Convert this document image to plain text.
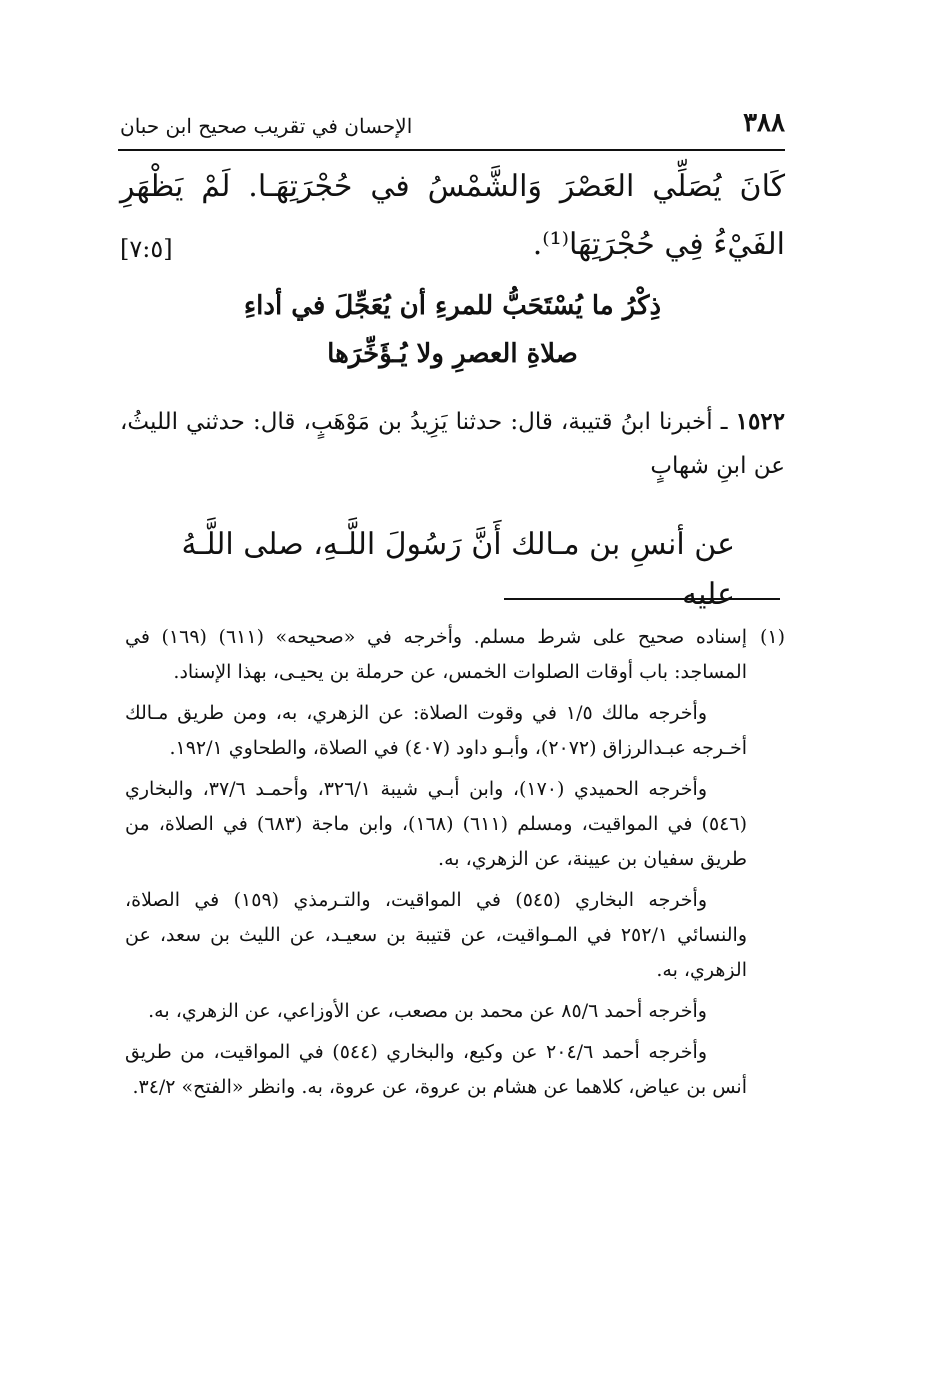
٣٨٨
الإحسان في تقريب صحيح ابن حبان
كَانَ يُصَلِّي العَصْرَ وَالشَّمْسُ في حُجْرَتِهَـا. لَمْ يَظْهَرِ الفَيْءُ فِي حُجْرَتِهَا⁽¹⁾.
[٧:٥]
ذِكْرُ ما يُسْتَحَبُّ للمرءِ أن يُعَجِّلَ في أداءِ
صلاةِ العصرِ ولا يُـؤَخِّرَها
١٥٢٢ ـ أخبرنا ابنُ قتيبة، قال: حدثنا يَزِيدُ بن مَوْهَبٍ، قال: حدثني الليثُ، عن ابنِ شهابٍ
عن أنسِ بن مـالك أَنَّ رَسُولَ اللَّـهِ، صلى اللَّـهُ عليه

(١)
إسناده صحيح على شرط مسلم. وأخرجه في «صحيحه» (٦١١) (١٦٩) في المساجد: باب أوقات الصلوات الخمس، عن حرملة بن يحيـى، بهذا الإسناد.

وأخرجه مالك ١/٥ في وقوت الصلاة: عن الزهري، به، ومن طريق مـالك أخـرجه عبـدالرزاق (٢٠٧٢)، وأبـو داود (٤٠٧) في الصلاة، والطحاوي ١٩٢/١.

وأخرجه الحميدي (١٧٠)، وابن أبـي شيبة ٣٢٦/١، وأحمـد ٣٧/٦، والبخاري (٥٤٦) في المواقيت، ومسلم (٦١١) (١٦٨)، وابن ماجة (٦٨٣) في الصلاة، من طريق سفيان بن عيينة، عن الزهري، به.

وأخرجه البخاري (٥٤٥) في المواقيت، والتـرمذي (١٥٩) في الصلاة، والنسائي ٢٥٢/١ في المـواقيت، عن قتيبة بن سعيـد، عن الليث بن سعد، عن الزهري، به.

وأخرجه أحمد ٨٥/٦ عن محمد بن مصعب، عن الأوزاعي، عن الزهري، به.

وأخرجه أحمد ٢٠٤/٦ عن وكيع، والبخاري (٥٤٤) في المواقيت، من طريق أنس بن عياض، كلاهما عن هشام بن عروة، عن عروة، به. وانظر «الفتح» ٣٤/٢.
